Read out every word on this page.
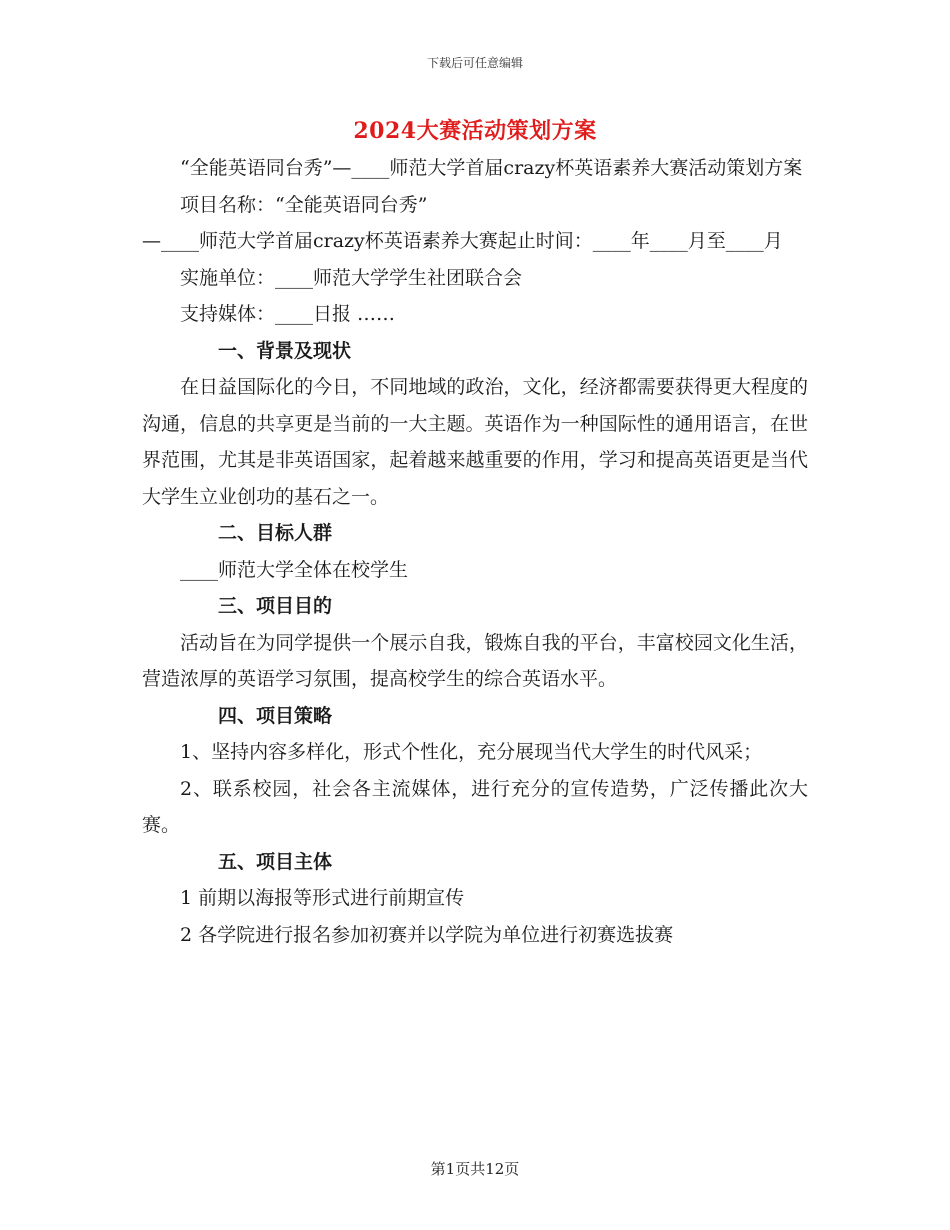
下载后可任意编辑
2024大赛活动策划方案

“全能英语同台秀”—____师范大学首届crazy杯英语素养大赛活动策划方案

项目名称：“全能英语同台秀”

—____师范大学首届crazy杯英语素养大赛起止时间：____年____月至____月

实施单位：____师范大学学生社团联合会

支持媒体：____日报 ……

一、背景及现状

在日益国际化的今日，不同地域的政治，文化，经济都需要获得更大程度的沟通，信息的共享更是当前的一大主题。英语作为一种国际性的通用语言，在世界范围，尤其是非英语国家，起着越来越重要的作用，学习和提高英语更是当代大学生立业创功的基石之一。

二、目标人群

____师范大学全体在校学生

三、项目目的

活动旨在为同学提供一个展示自我，锻炼自我的平台，丰富校园文化生活，营造浓厚的英语学习氛围，提高校学生的综合英语水平。

四、项目策略

1、坚持内容多样化，形式个性化，充分展现当代大学生的时代风采；

2、联系校园，社会各主流媒体，进行充分的宣传造势，广泛传播此次大赛。

五、项目主体

1 前期以海报等形式进行前期宣传

2 各学院进行报名参加初赛并以学院为单位进行初赛选拔赛

第1页共12页
